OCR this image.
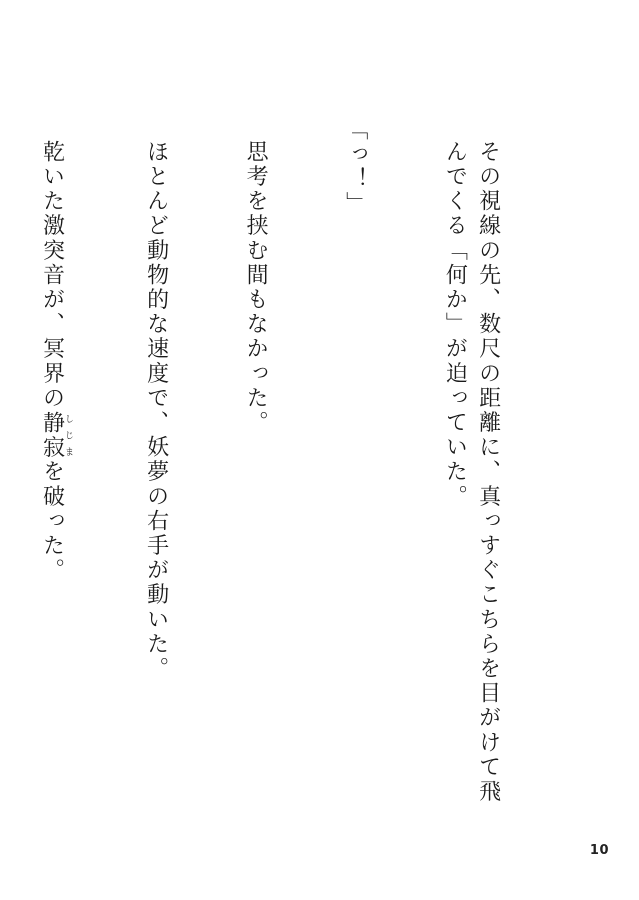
その視線の先、数尺の距離に、真っすぐこちらを目がけて飛んでくる「何か」が迫っていた。

「っ！」

思考を挟む間もなかった。

ほとんど動物的な速度で、妖夢の右手が動いた。

乾いた激突音が、冥界の静寂しじまを破った。

10
